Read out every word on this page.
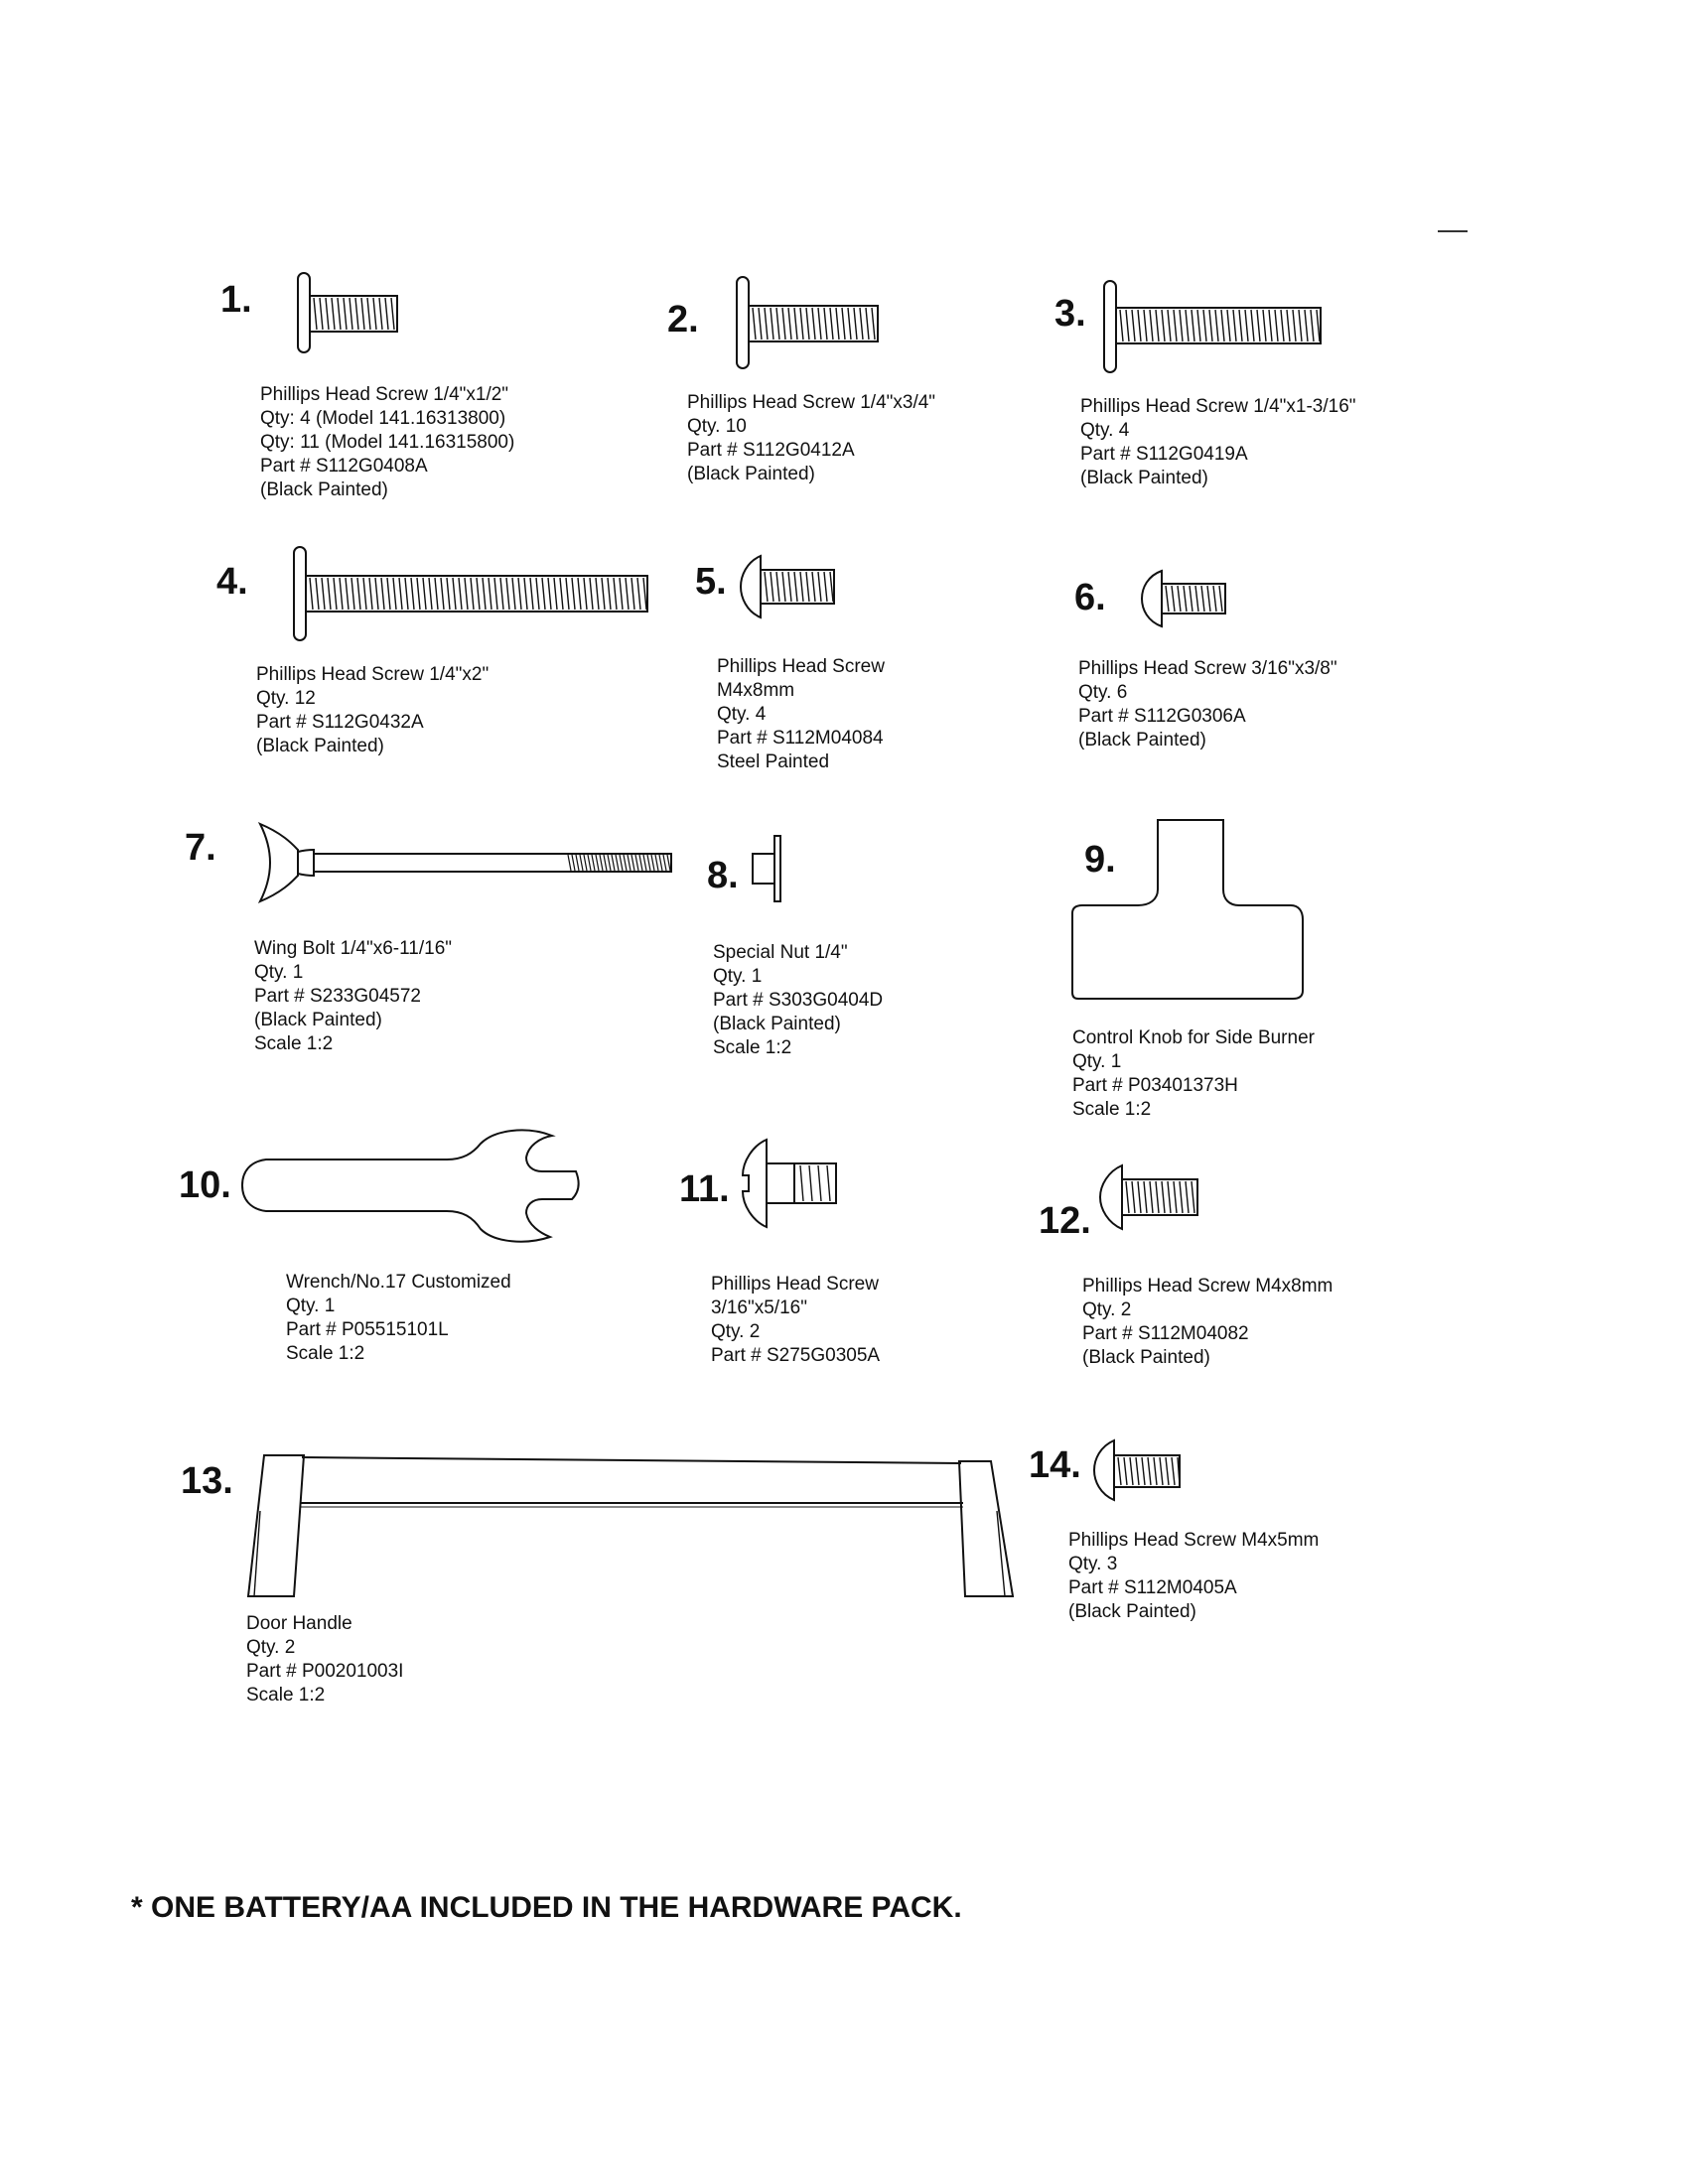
1.
Phillips Head Screw 1/4"x1/2"
Qty: 4 (Model 141.16313800)
Qty: 11 (Model 141.16315800)
Part # S112G0408A
(Black Painted)
2.
Phillips Head Screw 1/4"x3/4"
Qty. 10
Part # S112G0412A
(Black Painted)
3.
Phillips Head Screw 1/4"x1-3/16"
Qty. 4
Part # S112G0419A
(Black Painted)
4.
Phillips Head Screw 1/4"x2"
Qty. 12
Part # S112G0432A
(Black Painted)
5.
Phillips Head Screw
M4x8mm
Qty. 4
Part # S112M04084
Steel Painted
6.
Phillips Head Screw 3/16"x3/8"
Qty. 6
Part # S112G0306A
(Black Painted)
7.
Wing Bolt 1/4"x6-11/16"
Qty. 1
Part # S233G04572
(Black Painted)
Scale 1:2
8.
Special Nut 1/4"
Qty. 1
Part # S303G0404D
(Black Painted)
Scale 1:2
9.
Control Knob for Side Burner
Qty. 1
Part # P03401373H
Scale 1:2
10.
Wrench/No.17 Customized
Qty. 1
Part # P05515101L
Scale 1:2
11.
Phillips Head Screw
3/16"x5/16"
Qty. 2
Part # S275G0305A
12.
Phillips Head Screw M4x8mm
Qty. 2
Part # S112M04082
(Black Painted)
13.
Door Handle
Qty. 2
Part # P00201003I
Scale 1:2
14.
Phillips Head Screw M4x5mm
Qty. 3
Part # S112M0405A
(Black Painted)
* ONE BATTERY/AA INCLUDED IN THE HARDWARE PACK.
